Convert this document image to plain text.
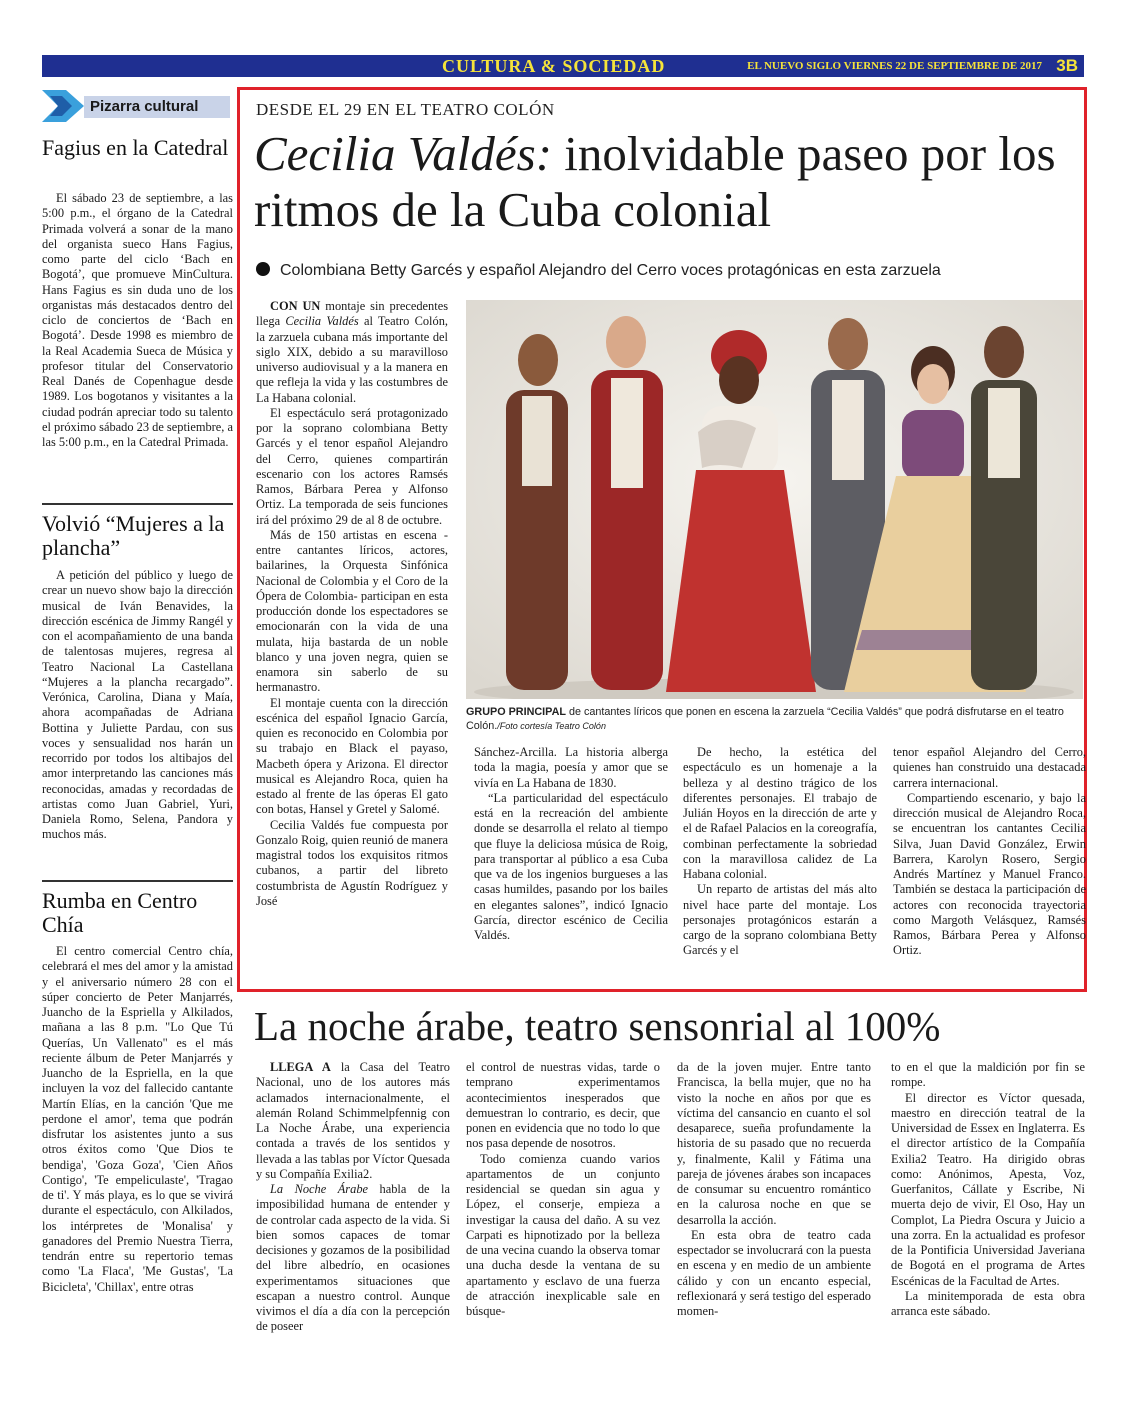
CULTURA & SOCIEDAD	EL NUEVO SIGLO VIERNES 22 DE SEPTIEMBRE DE 2017 3B
Pizarra cultural
Fagius en la Catedral

El sábado 23 de septiembre, a las 5:00 p.m., el órgano de la Catedral Primada volverá a sonar de la mano del organista sueco Hans Fagius, como parte del ciclo ‘Bach en Bogotá’, que promueve MinCultura. Hans Fagius es sin duda uno de los organistas más destacados dentro del ciclo de conciertos de ‘Bach en Bogotá’. Desde 1998 es miembro de la Real Academia Sueca de Música y profesor titular del Conservatorio Real Danés de Copenhague desde 1989. Los bogotanos y visitantes a la ciudad podrán apreciar todo su talento el próximo sábado 23 de septiembre, a las 5:00 p.m., en la Catedral Primada.

Volvió “Mujeres a la plancha”

A petición del público y luego de crear un nuevo show bajo la dirección musical de Iván Benavides, la dirección escénica de Jimmy Rangél y con el acompañamiento de una banda de talentosas mujeres, regresa al Teatro Nacional La Castellana “Mujeres a la plancha recargado”. Verónica, Carolina, Diana y Maía, ahora acompañadas de Adriana Bottina y Juliette Pardau, con sus voces y sensualidad nos harán un recorrido por todos los altibajos del amor interpretando las canciones más reconocidas, amadas y recordadas de artistas como Juan Gabriel, Yuri, Daniela Romo, Selena, Pandora y muchos más.

Rumba en Centro Chía

El centro comercial Centro chía, celebrará el mes del amor y la amistad y el aniversario número 28 con el súper concierto de Peter Manjarrés, Juancho de la Espriella y Alkilados, mañana a las 8 p.m. "Lo Que Tú Querías, Un Vallenato" es el más reciente álbum de Peter Manjarrés y Juancho de la Espriella, en la que incluyen la voz del fallecido cantante Martín Elías, en la canción 'Que me perdone el amor', tema que podrán disfrutar los asistentes junto a sus otros éxitos como 'Que Dios te bendiga', 'Goza Goza', 'Cien Años Contigo', 'Te empeliculaste', 'Tragao de ti'. Y más playa, es lo que se vivirá durante el espectáculo, con Alkilados, los intérpretes de 'Monalisa' y ganadores del Premio Nuestra Tierra, tendrán entre su repertorio temas como 'La Flaca', 'Me Gustas', 'La Bicicleta', 'Chillax', entre otras

DESDE EL 29 EN EL TEATRO COLÓN
Cecilia Valdés: inolvidable paseo por los ritmos de la Cuba colonial
Colombiana Betty Garcés y español Alejandro del Cerro voces protagónicas en esta zarzuela

CON UN montaje sin precedentes llega Cecilia Valdés al Teatro Colón, la zarzuela cubana más importante del siglo XIX, debido a su maravilloso universo audiovisual y a la manera en que refleja la vida y las costumbres de La Habana colonial.

El espectáculo será protagonizado por la soprano colombiana Betty Garcés y el tenor español Alejandro del Cerro, quienes compartirán escenario con los actores Ramsés Ramos, Bárbara Perea y Alfonso Ortiz. La temporada de seis funciones irá del próximo 29 de al 8 de octubre.

Más de 150 artistas en escena -entre cantantes líricos, actores, bailarines, la Orquesta Sinfónica Nacional de Colombia y el Coro de la Ópera de Colombia- participan en esta producción donde los espectadores se emocionarán con la vida de una mulata, hija bastarda de un noble blanco y una joven negra, quien se enamora sin saberlo de su hermanastro.

El montaje cuenta con la dirección escénica del español Ignacio García, quien es reconocido en Colombia por su trabajo en Black el payaso, Macbeth ópera y Arizona. El director musical es Alejandro Roca, quien ha estado al frente de las óperas El gato con botas, Hansel y Gretel y Salomé.

Cecilia Valdés fue compuesta por Gonzalo Roig, quien reunió de manera magistral todos los exquisitos ritmos cubanos, a partir del libreto costumbrista de Agustín Rodríguez y José

GRUPO PRINCIPAL de cantantes líricos que ponen en escena la zarzuela “Cecilia Valdés” que podrá disfrutarse en el teatro Colón./Foto cortesía Teatro Colón

Sánchez-Arcilla. La historia alberga toda la magia, poesía y amor que se vivía en La Habana de 1830.

“La particularidad del espectáculo está en la recreación del ambiente donde se desarrolla el relato al tiempo que fluye la deliciosa música de Roig, para transportar al público a esa Cuba que va de los ingenios burgueses a las casas humildes, pasando por los bailes en elegantes salones”, indicó Ignacio García, director escénico de Cecilia Valdés.

De hecho, la estética del espectáculo es un homenaje a la belleza y al destino trágico de los diferentes personajes. El trabajo de Julián Hoyos en la dirección de arte y el de Rafael Palacios en la coreografía, combinan perfectamente la sobriedad con la maravillosa calidez de La Habana colonial.

Un reparto de artistas del más alto nivel hace parte del montaje. Los personajes protagónicos estarán a cargo de la soprano colombiana Betty Garcés y el

tenor español Alejandro del Cerro, quienes han construido una destacada carrera internacional.

Compartiendo escenario, y bajo la dirección musical de Alejandro Roca, se encuentran los cantantes Cecilia Silva, Juan David González, Erwin Barrera, Karolyn Rosero, Sergio Andrés Martínez y Manuel Franco. También se destaca la participación de actores con reconocida trayectoria como Margoth Velásquez, Ramsés Ramos, Bárbara Perea y Alfonso Ortiz.

La noche árabe, teatro sensonrial al 100%

LLEGA A la Casa del Teatro Nacional, uno de los autores más aclamados internacionalmente, el alemán Roland Schimmelpfennig con La Noche Árabe, una experiencia contada a través de los sentidos y llevada a las tablas por Víctor Quesada y su Compañía Exilia2.

La Noche Árabe habla de la imposibilidad humana de entender y de controlar cada aspecto de la vida. Si bien somos capaces de tomar decisiones y gozamos de la posibilidad del libre albedrío, en ocasiones experimentamos situaciones que escapan a nuestro control. Aunque vivimos el día a día con la percepción de poseer

el control de nuestras vidas, tarde o temprano experimentamos acontecimientos inesperados que demuestran lo contrario, es decir, que ponen en evidencia que no todo lo que nos pasa depende de nosotros.

Todo comienza cuando varios apartamentos de un conjunto residencial se quedan sin agua y López, el conserje, empieza a investigar la causa del daño. A su vez Carpati es hipnotizado por la belleza de una vecina cuando la observa tomar una ducha desde la ventana de su apartamento y esclavo de una fuerza de atracción inexplicable sale en búsque-

da de la joven mujer. Entre tanto Francisca, la bella mujer, que no ha visto la noche en años por que es víctima del cansancio en cuanto el sol desaparece, sueña profundamente la historia de su pasado que no recuerda y, finalmente, Kalil y Fátima una pareja de jóvenes árabes son incapaces de consumar su encuentro romántico en la calurosa noche en que se desarrolla la acción.

En esta obra de teatro cada espectador se involucrará con la puesta en escena y en medio de un ambiente cálido y con un encanto especial, reflexionará y será testigo del esperado momen-

to en el que la maldición por fin se rompe.

El director es Víctor quesada, maestro en dirección teatral de la Universidad de Essex en Inglaterra. Es el director artístico de la Compañía Exilia2 Teatro. Ha dirigido obras como: Anónimos, Apesta, Voz, Guerfanitos, Cállate y Escribe, Ni muerta dejo de vivir, El Oso, Hay un Complot, La Piedra Oscura y Juicio a una zorra. En la actualidad es profesor de la Pontificia Universidad Javeriana de Bogotá en el programa de Artes Escénicas de la Facultad de Artes.

La minitemporada de esta obra arranca este sábado.
